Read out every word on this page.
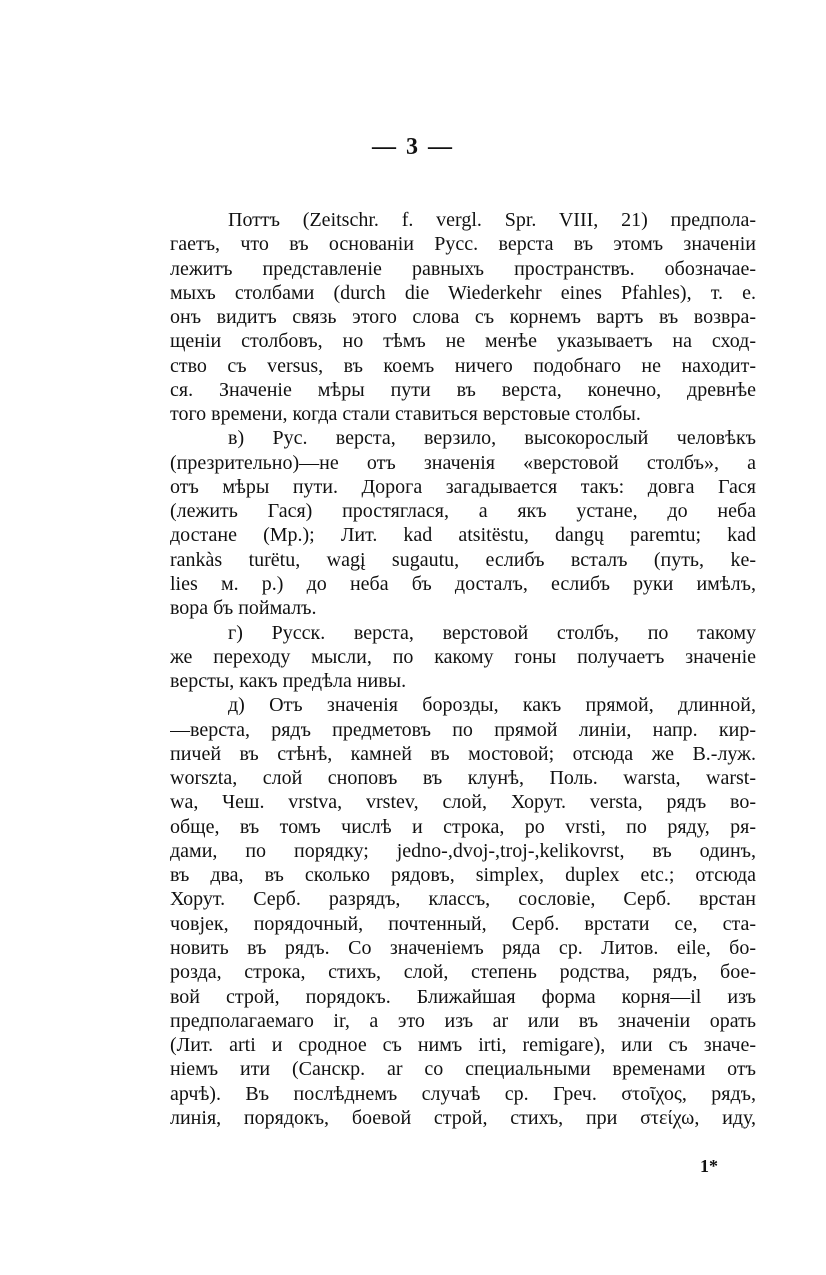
— 3 —
Поттъ (Zeitschr. f. vergl. Spr. VIII, 21) предпола-
гаетъ, что въ основаніи Русс. верста въ этомъ значеніи
лежитъ представленіе равныхъ пространствъ. обозначае-
мыхъ столбами (durch die Wiederkehr eines Pfahles), т. е.
онъ видитъ связь этого слова съ корнемъ вартъ въ возвра-
щеніи столбовъ, но тѣмъ не менѣе указываетъ на сход-
ство съ versus, въ коемъ ничего подобнаго не находит-
ся. Значеніе мѣры пути въ верста, конечно, древнѣе
того времени, когда стали ставиться верстовые столбы.
в) Рус. верста, верзило, высокорослый человѣкъ
(презрительно)—не отъ значенія «верстовой столбъ», а
отъ мѣры пути. Дорога загадывается такъ: довга Гася
(лежить Гася) простяглася, а якъ устане, до неба
достане (Мр.); Лит. kad atsitëstu, dangų paremtu; kad
rankàs turëtu, wagį sugautu, еслибъ всталъ (путь, ke-
lies м. р.) до неба бъ досталъ, еслибъ руки имѣлъ,
вора бъ поймалъ.
г) Русск. верста, верстовой столбъ, по такому
же переходу мысли, по какому гоны получаетъ значеніе
версты, какъ предѣла нивы.
д) Отъ значенія борозды, какъ прямой, длинной,
—верста, рядъ предметовъ по прямой линіи, напр. кир-
пичей въ стѣнѣ, камней въ мостовой; отсюда же В.-луж.
worszta, слой сноповъ въ клунѣ, Поль. warsta, warst-
wa, Чеш. vrstva, vrstev, слой, Хорут. versta, рядъ во-
обще, въ томъ числѣ и строка, po vrsti, по ряду, ря-
дами, по порядку; jedno-,dvoj-,troj-,kelikovrst, въ одинъ,
въ два, въ сколько рядовъ, simplex, duplex etc.; отсюда
Хорут. Серб. разрядъ, классъ, сословіе, Серб. врстан
човјек, порядочный, почтенный, Серб. врстати се, ста-
новить въ рядъ. Со значеніемъ ряда ср. Литов. eile, бо-
розда, строка, стихъ, слой, степень родства, рядъ, бое-
вой строй, порядокъ. Ближайшая форма корня—il изъ
предполагаемаго ir, а это изъ ar или въ значеніи орать
(Лит. arti и сродное съ нимъ irti, remigare), или съ значе-
ніемъ ити (Санскр. ar со специальными временами отъ
арчѣ). Въ послѣднемъ случаѣ ср. Греч. στοῖχος, рядъ,
линія, порядокъ, боевой строй, стихъ, при στείχω, иду,
1*
